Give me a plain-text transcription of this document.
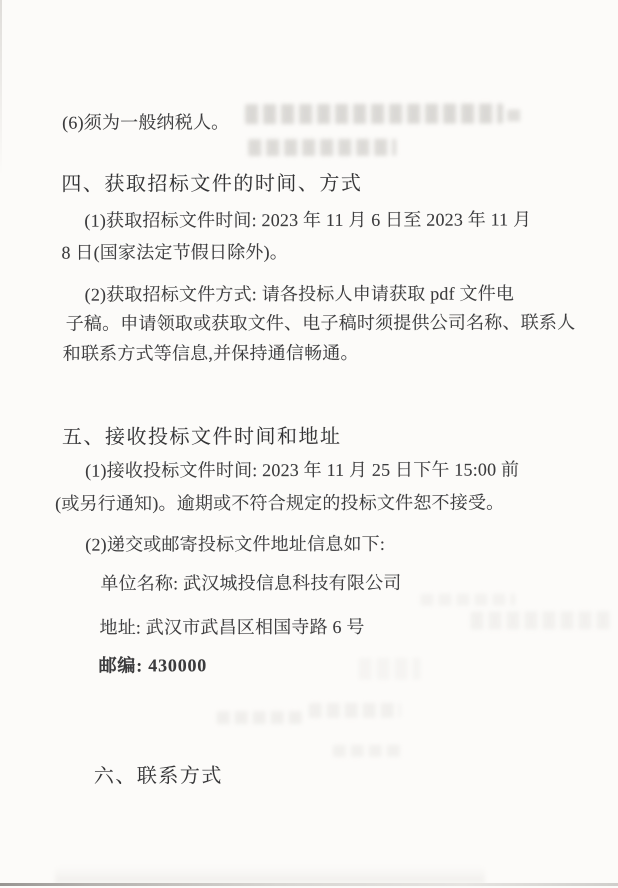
(6)须为一般纳税人。
四、获取招标文件的时间、方式
(1)获取招标文件时间: 2023 年 11 月 6 日至 2023 年 11 月
8 日(国家法定节假日除外)。
(2)获取招标文件方式: 请各投标人申请获取 pdf 文件电
子稿。申请领取或获取文件、电子稿时须提供公司名称、联系人
和联系方式等信息,并保持通信畅通。
五、接收投标文件时间和地址
(1)接收投标文件时间: 2023 年 11 月 25 日下午 15:00 前
(或另行通知)。逾期或不符合规定的投标文件恕不接受。
(2)递交或邮寄投标文件地址信息如下:
单位名称: 武汉城投信息科技有限公司
地址: 武汉市武昌区相国寺路 6 号
邮编: 430000
六、联系方式
